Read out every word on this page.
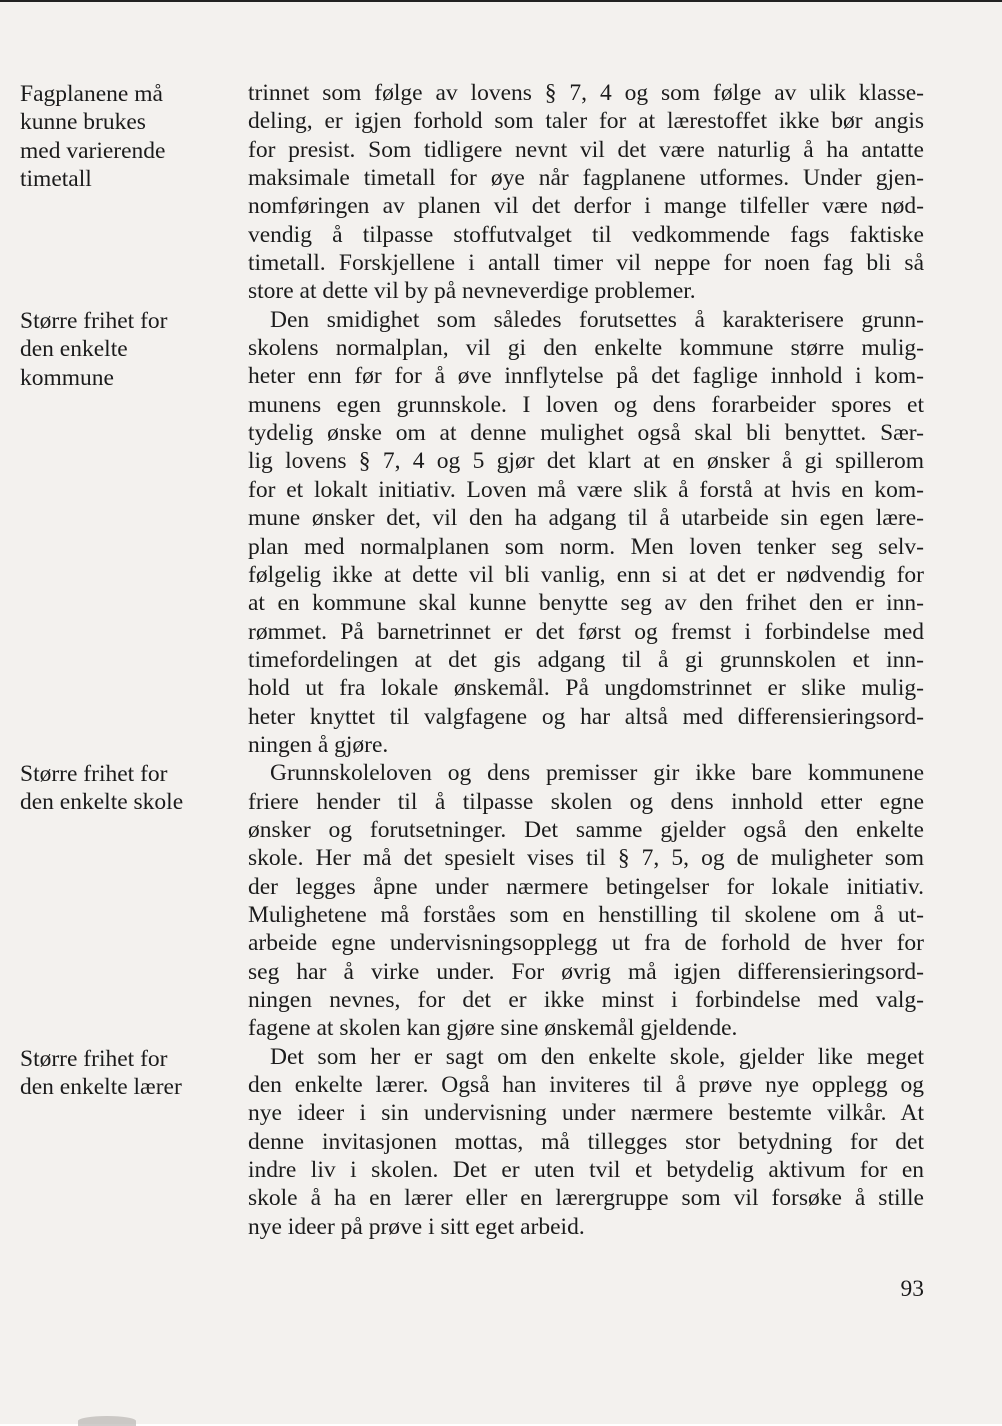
Fagplanene må
kunne brukes
med varierende
timetall
Større frihet for
den enkelte
kommune
Større frihet for
den enkelte skole
Større frihet for
den enkelte lærer
trinnet som følge av lovens § 7, 4 og som følge av ulik klasse-
deling, er igjen forhold som taler for at lærestoffet ikke bør angis
for presist. Som tidligere nevnt vil det være naturlig å ha antatte
maksimale timetall for øye når fagplanene utformes. Under gjen-
nomføringen av planen vil det derfor i mange tilfeller være nød-
vendig å tilpasse stoffutvalget til vedkommende fags faktiske
timetall. Forskjellene i antall timer vil neppe for noen fag bli så
store at dette vil by på nevneverdige problemer.
Den smidighet som således forutsettes å karakterisere grunn-
skolens normalplan, vil gi den enkelte kommune større mulig-
heter enn før for å øve innflytelse på det faglige innhold i kom-
munens egen grunnskole. I loven og dens forarbeider spores et
tydelig ønske om at denne mulighet også skal bli benyttet. Sær-
lig lovens § 7, 4 og 5 gjør det klart at en ønsker å gi spillerom
for et lokalt initiativ. Loven må være slik å forstå at hvis en kom-
mune ønsker det, vil den ha adgang til å utarbeide sin egen lære-
plan med normalplanen som norm. Men loven tenker seg selv-
følgelig ikke at dette vil bli vanlig, enn si at det er nødvendig for
at en kommune skal kunne benytte seg av den frihet den er inn-
rømmet. På barnetrinnet er det først og fremst i forbindelse med
timefordelingen at det gis adgang til å gi grunnskolen et inn-
hold ut fra lokale ønskemål. På ungdomstrinnet er slike mulig-
heter knyttet til valgfagene og har altså med differensieringsord-
ningen å gjøre.
Grunnskoleloven og dens premisser gir ikke bare kommunene
friere hender til å tilpasse skolen og dens innhold etter egne
ønsker og forutsetninger. Det samme gjelder også den enkelte
skole. Her må det spesielt vises til § 7, 5, og de muligheter som
der legges åpne under nærmere betingelser for lokale initiativ.
Mulighetene må forståes som en henstilling til skolene om å ut-
arbeide egne undervisningsopplegg ut fra de forhold de hver for
seg har å virke under. For øvrig må igjen differensieringsord-
ningen nevnes, for det er ikke minst i forbindelse med valg-
fagene at skolen kan gjøre sine ønskemål gjeldende.
Det som her er sagt om den enkelte skole, gjelder like meget
den enkelte lærer. Også han inviteres til å prøve nye opplegg og
nye ideer i sin undervisning under nærmere bestemte vilkår. At
denne invitasjonen mottas, må tillegges stor betydning for det
indre liv i skolen. Det er uten tvil et betydelig aktivum for en
skole å ha en lærer eller en lærergruppe som vil forsøke å stille
nye ideer på prøve i sitt eget arbeid.
93
